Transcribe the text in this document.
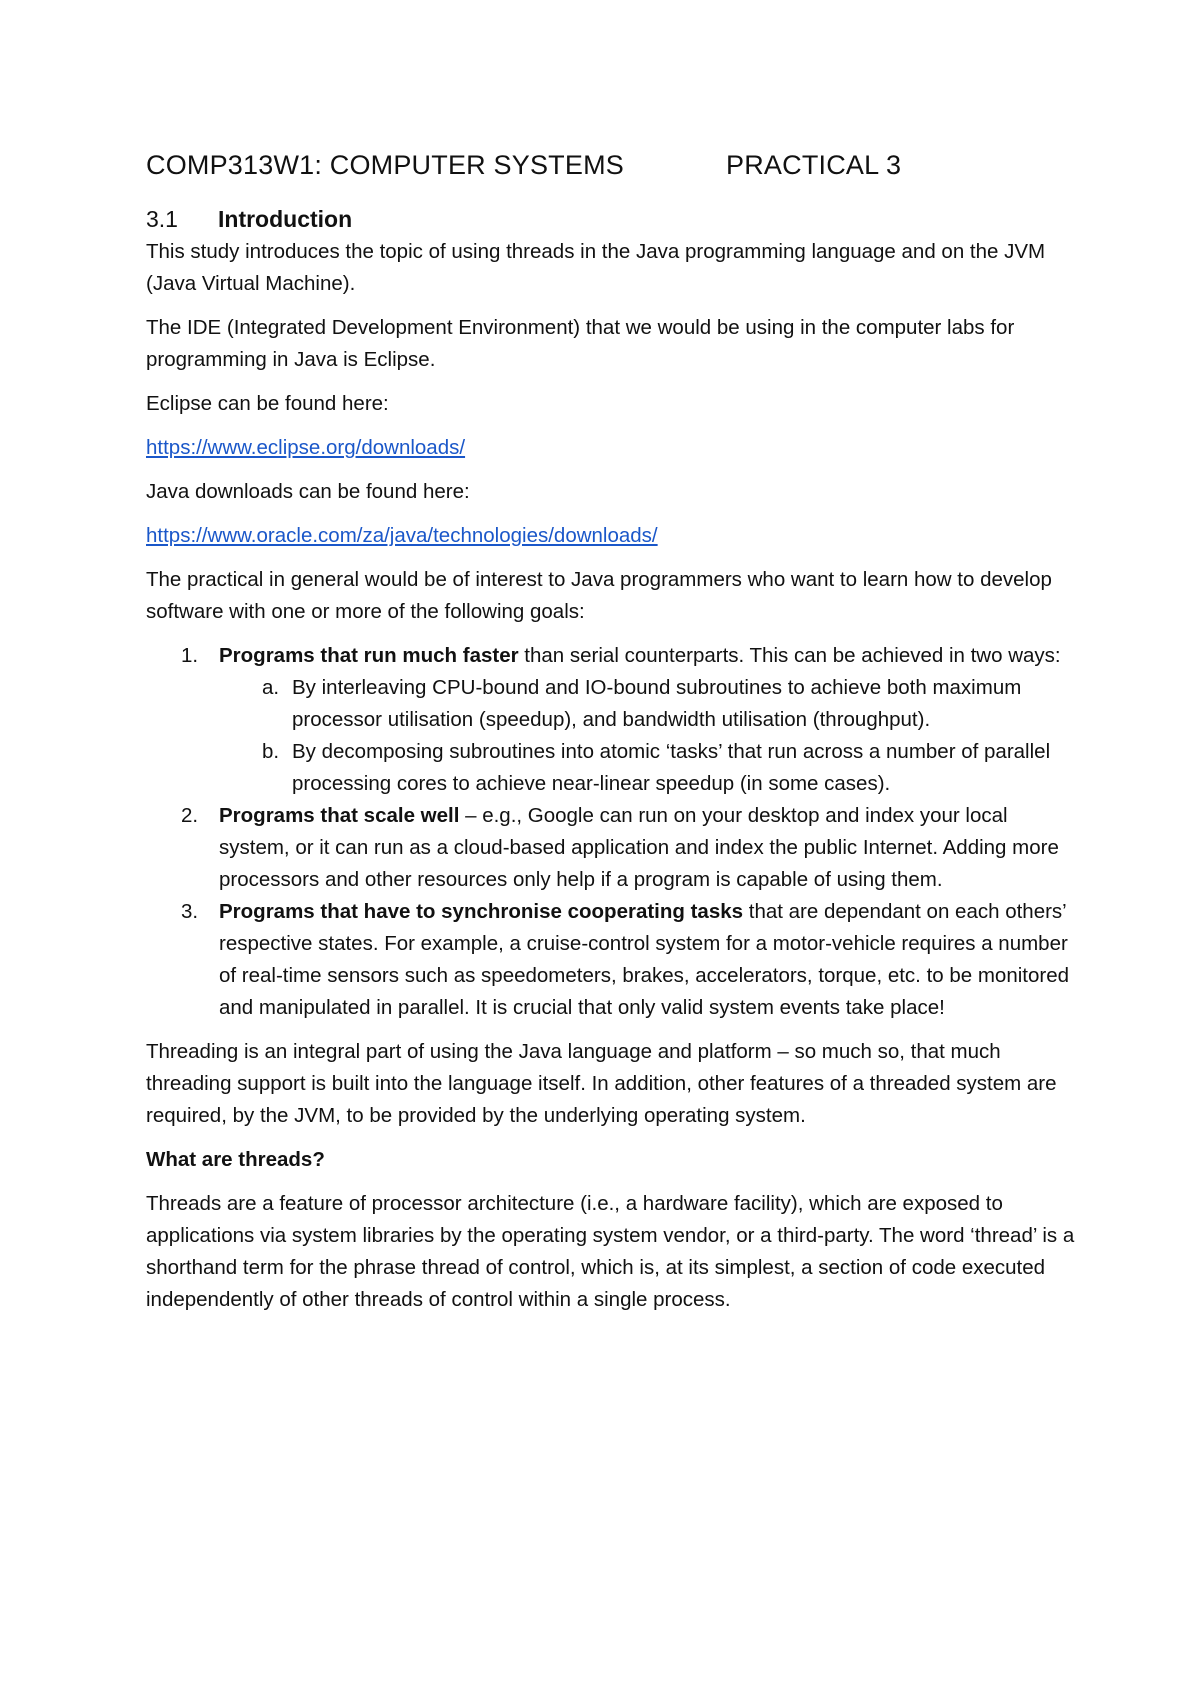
COMP313W1: COMPUTER SYSTEMS	PRACTICAL 3
3.1 Introduction

This study introduces the topic of using threads in the Java programming language and on the JVM (Java Virtual Machine).

The IDE (Integrated Development Environment) that we would be using in the computer labs for programming in Java is Eclipse.

Eclipse can be found here:

https://www.eclipse.org/downloads/

Java downloads can be found here:

https://www.oracle.com/za/java/technologies/downloads/

The practical in general would be of interest to Java programmers who want to learn how to develop software with one or more of the following goals:

1. Programs that run much faster than serial counterparts. This can be achieved in two ways:
a. By interleaving CPU-bound and IO-bound subroutines to achieve both maximum processor utilisation (speedup), and bandwidth utilisation (throughput).
b. By decomposing subroutines into atomic ‘tasks’ that run across a number of parallel processing cores to achieve near-linear speedup (in some cases).
2. Programs that scale well – e.g., Google can run on your desktop and index your local system, or it can run as a cloud-based application and index the public Internet. Adding more processors and other resources only help if a program is capable of using them.
3. Programs that have to synchronise cooperating tasks that are dependant on each others’ respective states. For example, a cruise-control system for a motor-vehicle requires a number of real-time sensors such as speedometers, brakes, accelerators, torque, etc. to be monitored and manipulated in parallel. It is crucial that only valid system events take place!

Threading is an integral part of using the Java language and platform – so much so, that much threading support is built into the language itself. In addition, other features of a threaded system are required, by the JVM, to be provided by the underlying operating system.

What are threads?

Threads are a feature of processor architecture (i.e., a hardware facility), which are exposed to applications via system libraries by the operating system vendor, or a third-party. The word ‘thread’ is a shorthand term for the phrase thread of control, which is, at its simplest, a section of code executed independently of other threads of control within a single process.
